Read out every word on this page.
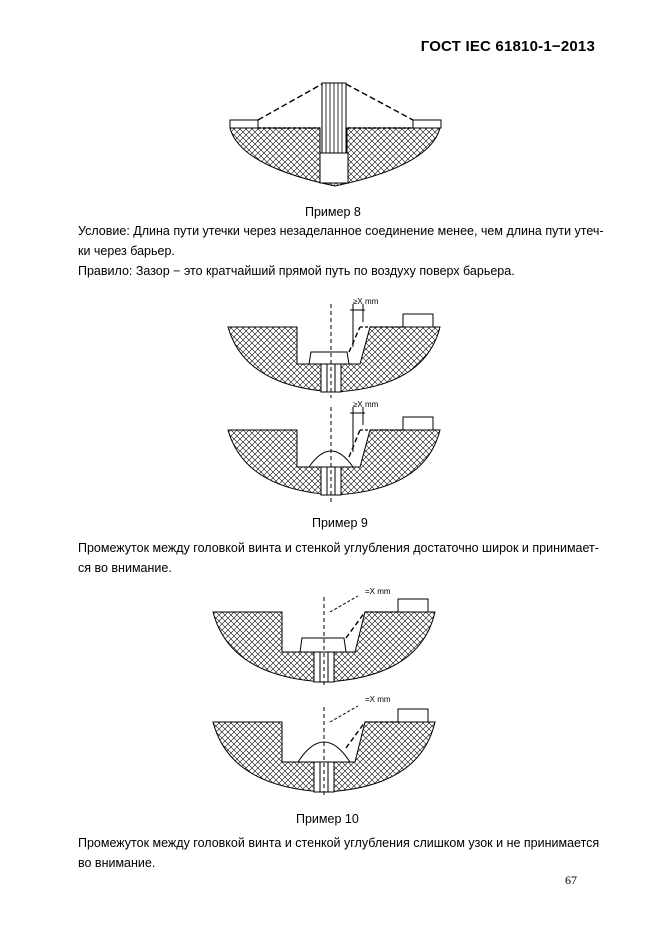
ГОСТ IEC 61810-1−2013
Пример 8
Условие: Длина пути утечки через незаделанное соединение менее, чем длина пути утеч-
ки через барьер.
Правило: Зазор − это кратчайший прямой путь по воздуху поверх барьера.
≥X mm
≥X mm
Пример 9
Промежуток между головкой винта и стенкой углубления достаточно широк и принимает-
ся во внимание.
=X mm
=X mm
Пример 10
Промежуток между головкой винта и стенкой углубления слишком узок и не принимается
во внимание.
67
